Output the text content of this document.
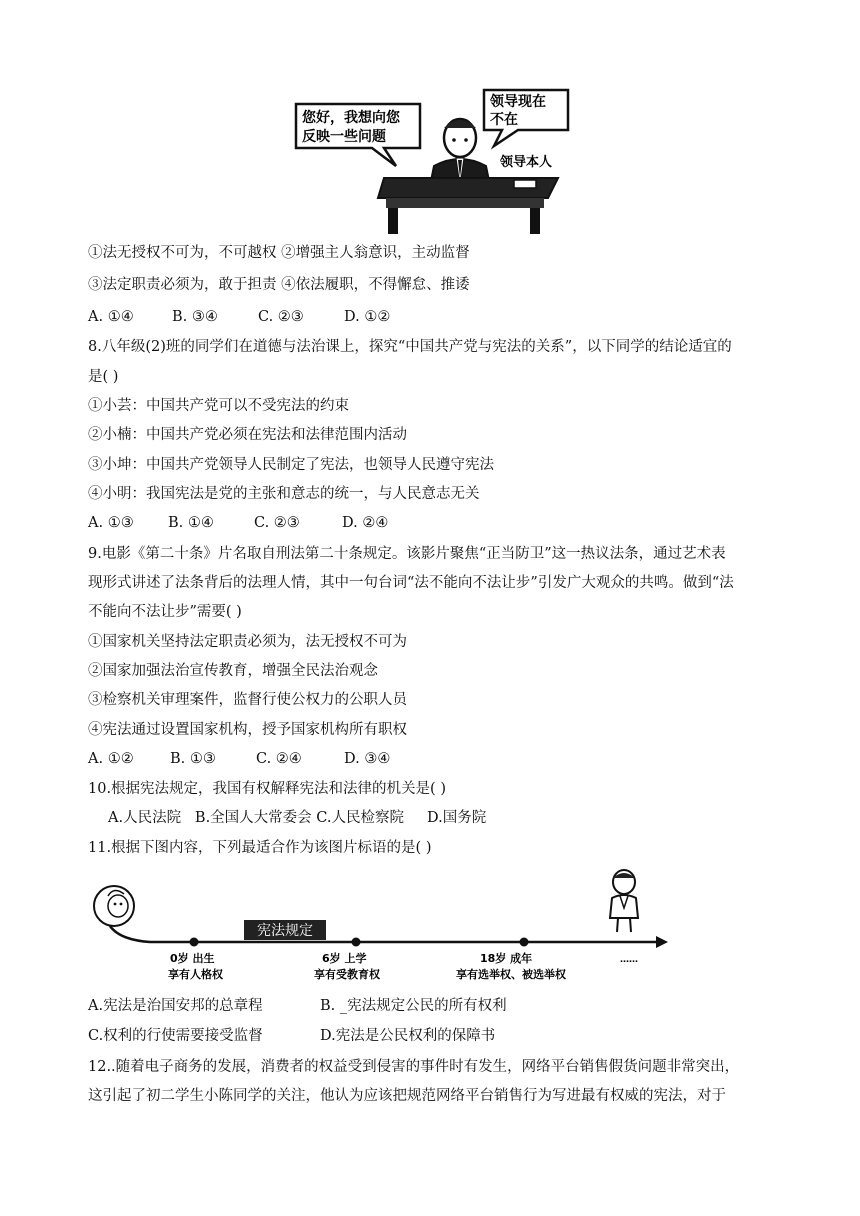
您好，我想向您
反映一些问题
领导现在
不在
领导本人
①法无授权不可为，不可越权 ②增强主人翁意识，主动监督
③法定职责必须为，敢于担责 ④依法履职，不得懈怠、推诿
A. ①④	B. ③④	C. ②③	D. ①②
8.八年级(2)班的同学们在道德与法治课上，探究“中国共产党与宪法的关系”，以下同学的结论适宜的
是( )
①小芸：中国共产党可以不受宪法的约束
②小楠：中国共产党必须在宪法和法律范围内活动
③小坤：中国共产党领导人民制定了宪法，也领导人民遵守宪法
④小明：我国宪法是党的主张和意志的统一，与人民意志无关
A. ①③ B. ①④	C. ②③	D. ②④
9.电影《第二十条》片名取自刑法第二十条规定。该影片聚焦“正当防卫”这一热议法条，通过艺术表
现形式讲述了法条背后的法理人情，其中一句台词“法不能向不法让步”引发广大观众的共鸣。做到“法
不能向不法让步”需要( )
①国家机关坚持法定职责必须为，法无授权不可为
②国家加强法治宣传教育，增强全民法治观念
③检察机关审理案件，监督行使公权力的公职人员
④宪法通过设置国家机构，授予国家机构所有职权
A. ①②	B. ①③	C. ②④	D. ③④
10.根据宪法规定，我国有权解释宪法和法律的机关是( )
A.人民法院   B.全国人大常委会 C.人民检察院     D.国务院
11.根据下图内容，下列最适合作为该图片标语的是( )
宪法规定
0岁 出生
享有人格权
6岁 上学
享有受教育权
18岁 成年
享有选举权、被选举权
……
A.宪法是治国安邦的总章程	B. _宪法规定公民的所有权利
C.权利的行使需要接受监督	D.宪法是公民权利的保障书
12..随着电子商务的发展，消费者的权益受到侵害的事件时有发生，网络平台销售假货问题非常突出，
这引起了初二学生小陈同学的关注，他认为应该把规范网络平台销售行为写进最有权威的宪法，对于
